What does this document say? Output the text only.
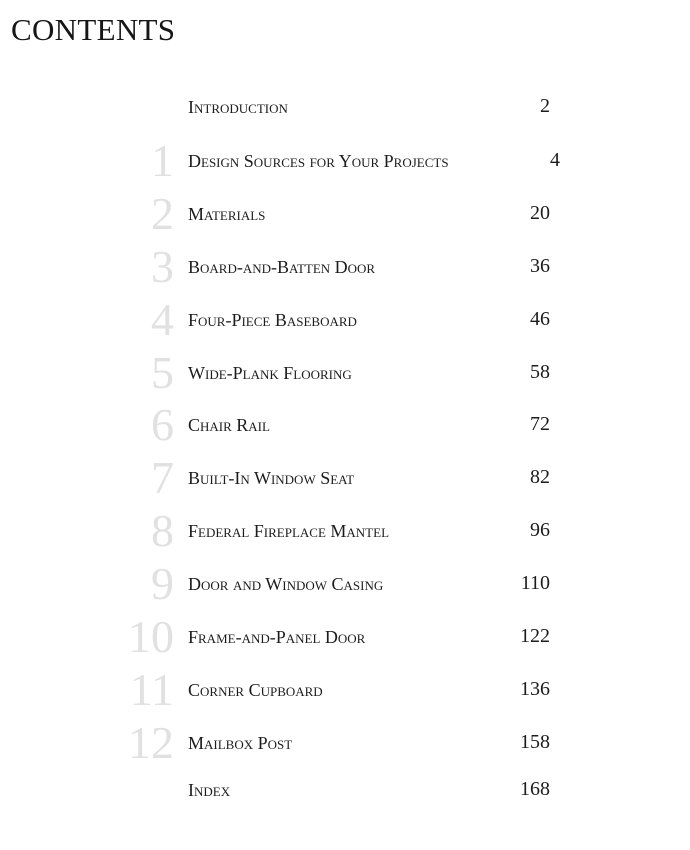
CONTENTS
Introduction	2
1 Design Sources for Your Projects	4
2 Materials	20
3 Board-and-Batten Door	36
4 Four-Piece Baseboard	46
5 Wide-Plank Flooring	58
6 Chair Rail	72
7 Built-In Window Seat	82
8 Federal Fireplace Mantel	96
9 Door and Window Casing	110
10 Frame-and-Panel Door	122
11 Corner Cupboard	136
12 Mailbox Post	158
Index	168
